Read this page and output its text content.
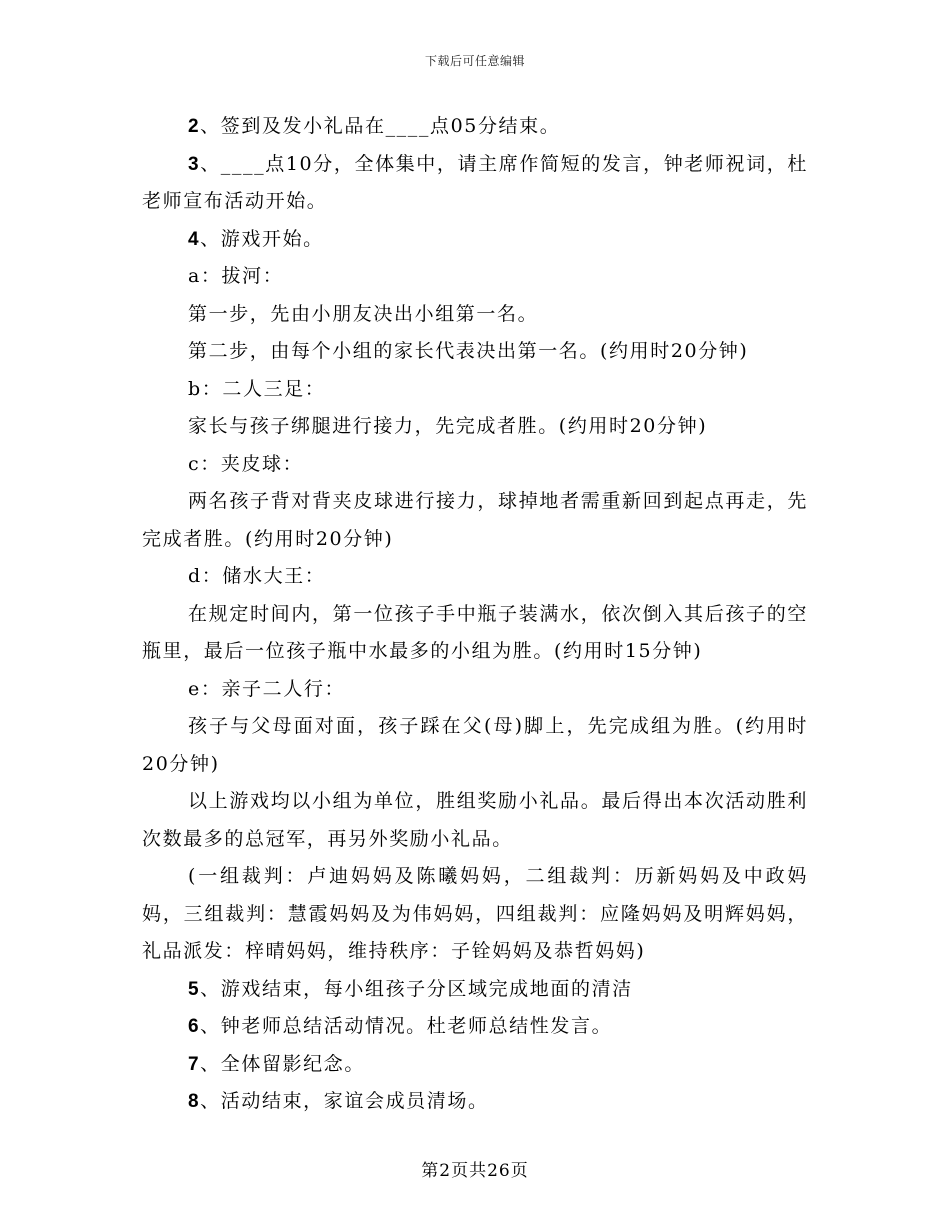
下载后可任意编辑

2、签到及发小礼品在____点05分结束。

3、____点10分，全体集中，请主席作简短的发言，钟老师祝词，杜老师宣布活动开始。

4、游戏开始。

a：拔河：

第一步，先由小朋友决出小组第一名。

第二步，由每个小组的家长代表决出第一名。(约用时20分钟)

b：二人三足：

家长与孩子绑腿进行接力，先完成者胜。(约用时20分钟)

c：夹皮球：

两名孩子背对背夹皮球进行接力，球掉地者需重新回到起点再走，先完成者胜。(约用时20分钟)

d：储水大王：

在规定时间内，第一位孩子手中瓶子装满水，依次倒入其后孩子的空瓶里，最后一位孩子瓶中水最多的小组为胜。(约用时15分钟)

e：亲子二人行：

孩子与父母面对面，孩子踩在父(母)脚上，先完成组为胜。(约用时20分钟)

以上游戏均以小组为单位，胜组奖励小礼品。最后得出本次活动胜利次数最多的总冠军，再另外奖励小礼品。

(一组裁判：卢迪妈妈及陈曦妈妈，二组裁判：历新妈妈及中政妈妈，三组裁判：慧霞妈妈及为伟妈妈，四组裁判：应隆妈妈及明辉妈妈，礼品派发：梓晴妈妈，维持秩序：子铨妈妈及恭哲妈妈)

5、游戏结束，每小组孩子分区域完成地面的清洁

6、钟老师总结活动情况。杜老师总结性发言。

7、全体留影纪念。

8、活动结束，家谊会成员清场。

第2页共26页
